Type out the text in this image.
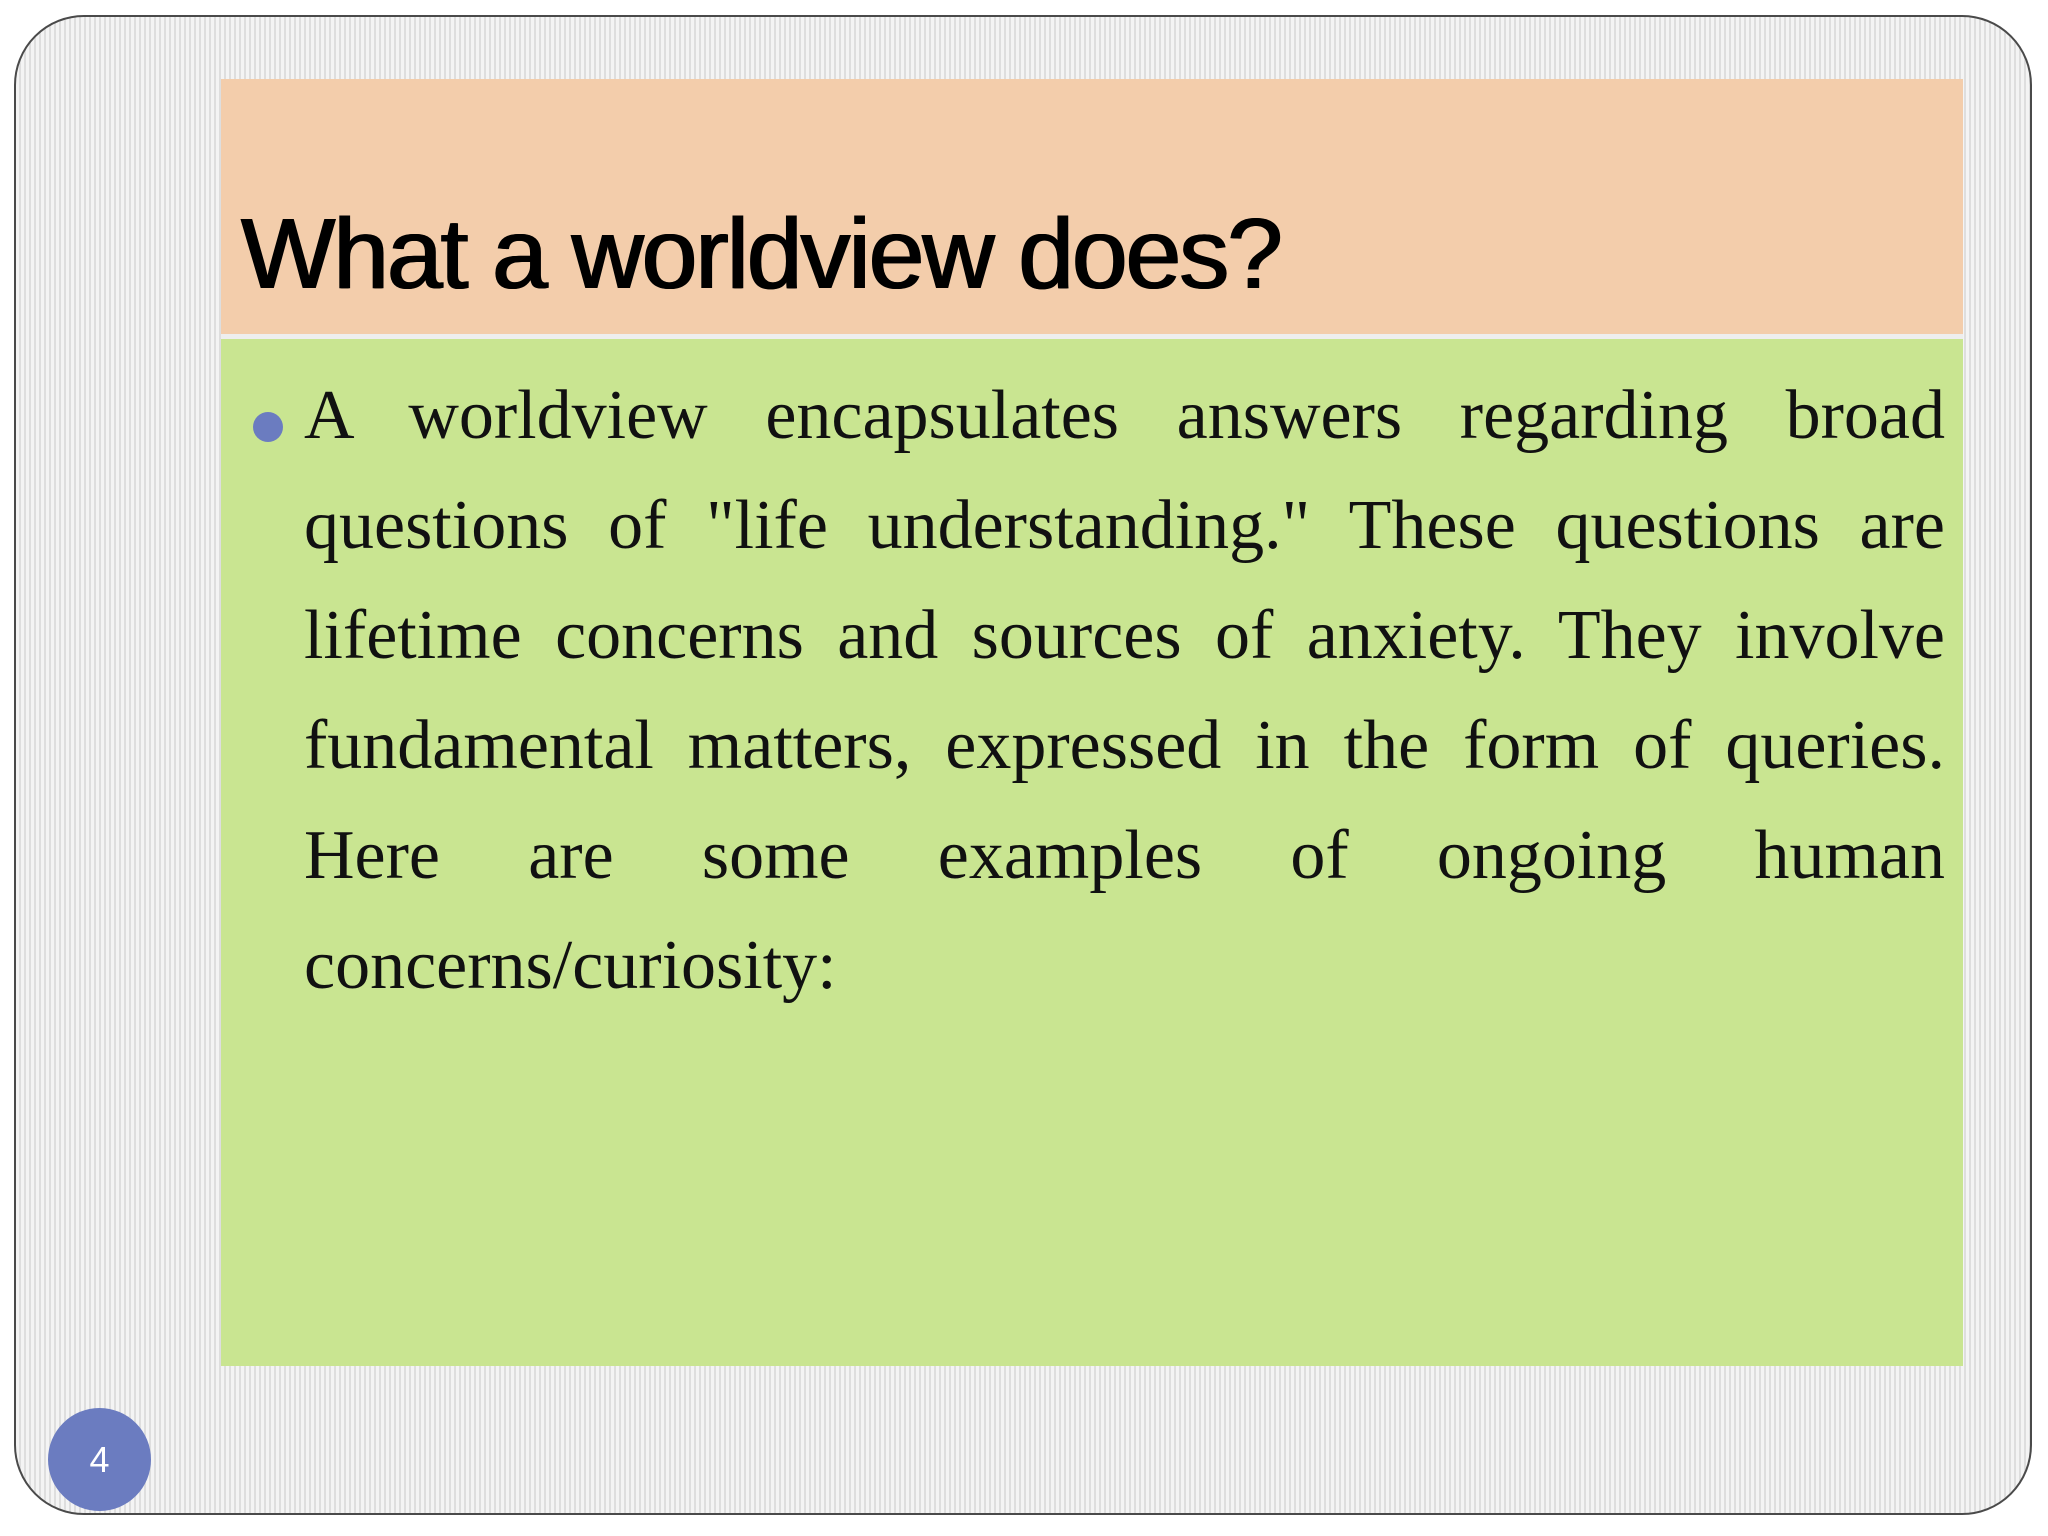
What a worldview does?

A worldview encapsulates answers regarding broad questions of "life understanding." These questions are lifetime concerns and sources of anxiety. They involve fundamental matters, expressed in the form of queries. Here are some examples of ongoing human concerns/curiosity:

4
